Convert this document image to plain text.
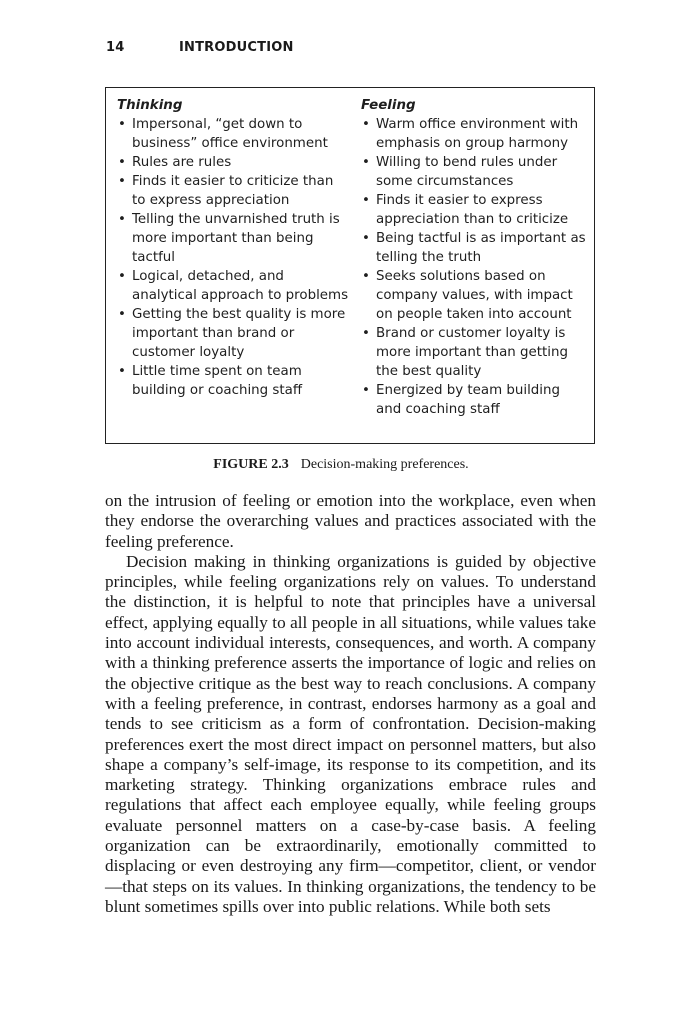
14	INTRODUCTION
Thinking
• Impersonal, “get down to business” office environment
• Rules are rules
• Finds it easier to criticize than to express appreciation
• Telling the unvarnished truth is more important than being tactful
• Logical, detached, and analytical approach to problems
• Getting the best quality is more important than brand or customer loyalty
• Little time spent on team building or coaching staff
Feeling
• Warm office environment with emphasis on group harmony
• Willing to bend rules under some circumstances
• Finds it easier to express appreciation than to criticize
• Being tactful is as important as telling the truth
• Seeks solutions based on company values, with impact on people taken into account
• Brand or customer loyalty is more important than getting the best quality
• Energized by team building and coaching staff
FIGURE 2.3 Decision-making preferences.

on the intrusion of feeling or emotion into the workplace, even when they endorse the overarching values and practices associated with the feeling preference.

Decision making in thinking organizations is guided by objective principles, while feeling organizations rely on values. To understand the distinction, it is helpful to note that principles have a universal effect, applying equally to all people in all situations, while values take into account individual interests, consequences, and worth. A company with a thinking preference asserts the importance of logic and relies on the objective critique as the best way to reach conclusions. A company with a feeling preference, in contrast, endorses harmony as a goal and tends to see criticism as a form of confrontation. Decision-making preferences exert the most direct impact on personnel matters, but also shape a company’s self-image, its response to its competition, and its marketing strategy. Thinking organizations embrace rules and regulations that affect each employee equally, while feeling groups evaluate personnel matters on a case-by-case basis. A feeling organization can be extraordinarily, emotionally committed to displacing or even destroying any firm—competitor, client, or vendor—that steps on its values. In thinking organizations, the tendency to be blunt sometimes spills over into public relations. While both sets
